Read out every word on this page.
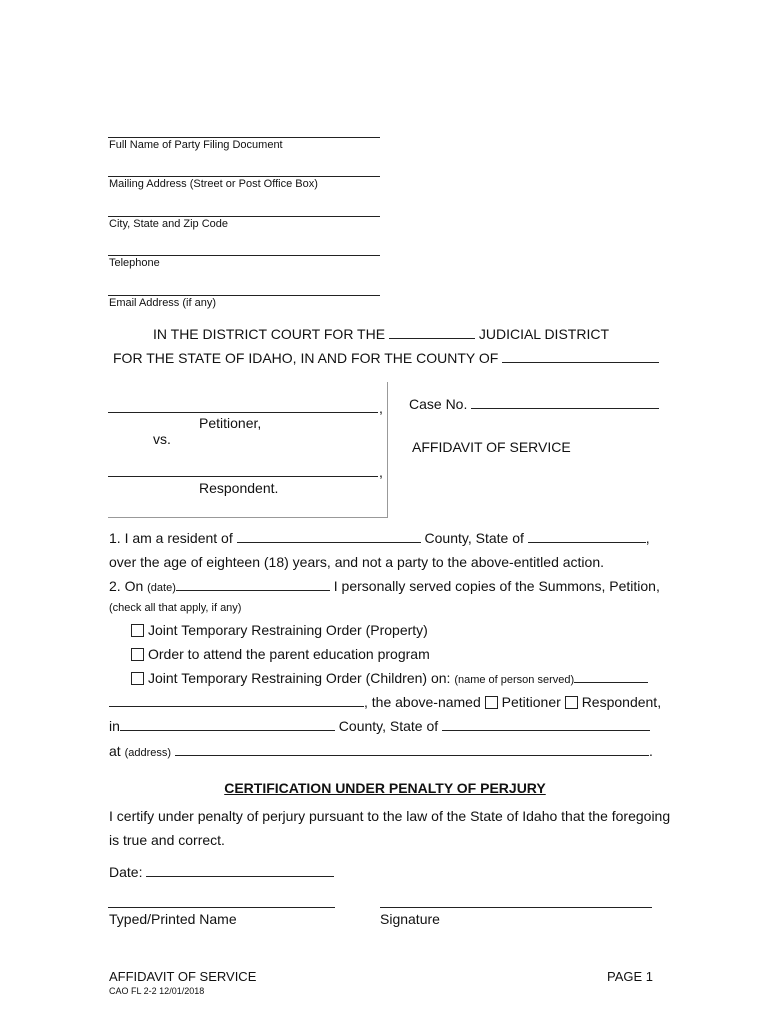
Full Name of Party Filing Document
Mailing Address (Street or Post Office Box)
City, State and Zip Code
Telephone
Email Address (if any)
IN THE DISTRICT COURT FOR THE	JUDICIAL DISTRICT
FOR THE STATE OF IDAHO, IN AND FOR THE COUNTY OF
,
Petitioner,
vs.
,
Respondent.
Case No.
AFFIDAVIT OF SERVICE
1. I am a resident of	County, State of	,
over the age of eighteen (18) years, and not a party to the above-entitled action.
2. On (date)	I personally served copies of the Summons, Petition,
(check all that apply, if any)
Joint Temporary Restraining Order (Property)
Order to attend the parent education program
Joint Temporary Restraining Order (Children) on: (name of person served)
, the above-named Petitioner Respondent,
in	County, State of
at (address)	.
CERTIFICATION UNDER PENALTY OF PERJURY
I certify under penalty of perjury pursuant to the law of the State of Idaho that the foregoing
is true and correct.
Date:
Typed/Printed Name	Signature
AFFIDAVIT OF SERVICE	PAGE 1
CAO FL 2-2 12/01/2018
